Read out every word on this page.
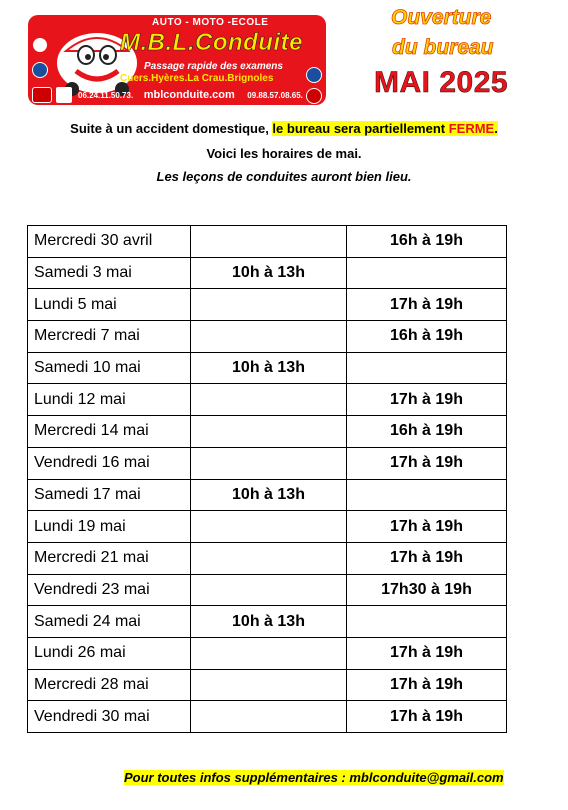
AUTO - MOTO -ECOLE
M.B.L.Conduite
Passage rapide des examens
Cuers.Hyères.La Crau.Brignoles
06.24.11.50.73. mblconduite.com 09.88.57.08.65.
Ouverture
du bureau
MAI 2025
Suite à un accident domestique, le bureau sera partiellement FERME.
Voici les horaires de mai.
Les leçons de conduites auront bien lieu.
Mercredi 30 avril		16h à 19h
Samedi 3 mai	10h à 13h	
Lundi 5 mai		17h à 19h
Mercredi 7 mai		16h à 19h
Samedi 10 mai	10h à 13h	
Lundi 12 mai		17h à 19h
Mercredi 14 mai		16h à 19h
Vendredi 16 mai		17h à 19h
Samedi 17 mai	10h à 13h	
Lundi 19 mai		17h à 19h
Mercredi 21 mai		17h à 19h
Vendredi 23 mai		17h30 à 19h
Samedi 24 mai	10h à 13h	
Lundi 26 mai		17h à 19h
Mercredi 28 mai		17h à 19h
Vendredi 30 mai		17h à 19h
Pour toutes infos supplémentaires : mblconduite@gmail.com
